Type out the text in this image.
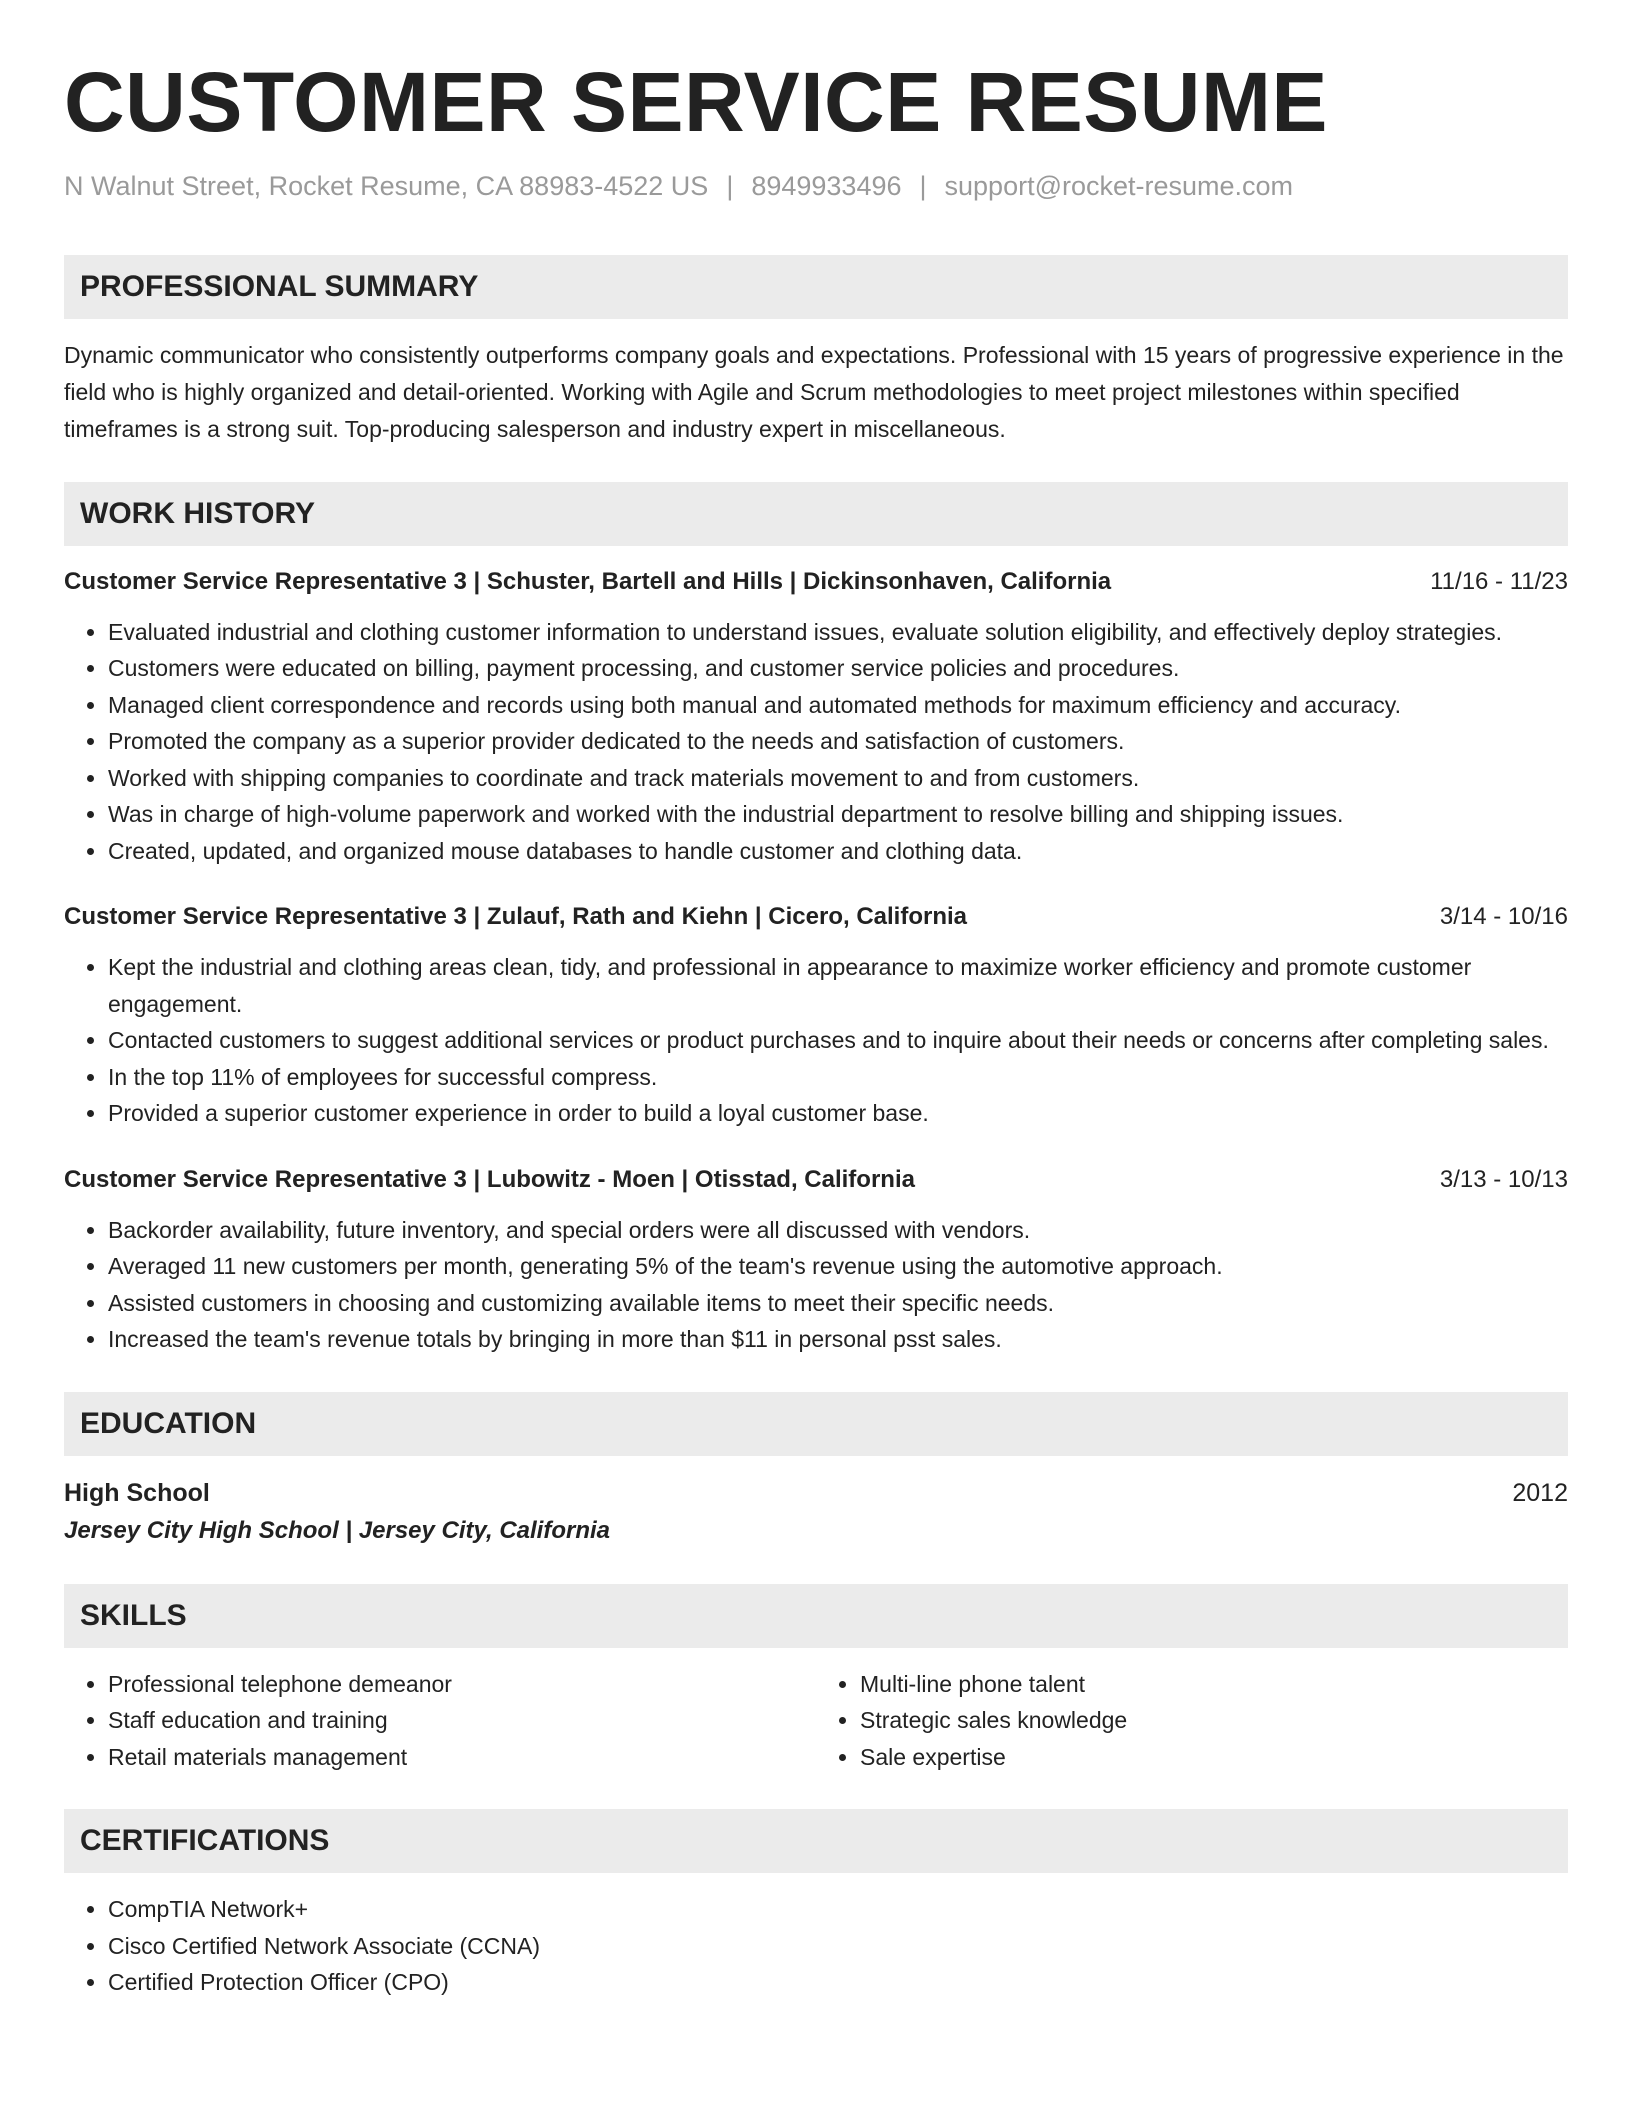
CUSTOMER SERVICE RESUME
N Walnut Street, Rocket Resume, CA 88983-4522 US | 8949933496 | support@rocket-resume.com
PROFESSIONAL SUMMARY
Dynamic communicator who consistently outperforms company goals and expectations. Professional with 15 years of progressive experience in the field who is highly organized and detail-oriented. Working with Agile and Scrum methodologies to meet project milestones within specified timeframes is a strong suit. Top-producing salesperson and industry expert in miscellaneous.
WORK HISTORY
Customer Service Representative 3 | Schuster, Bartell and Hills | Dickinsonhaven, California	11/16 - 11/23
• Evaluated industrial and clothing customer information to understand issues, evaluate solution eligibility, and effectively deploy strategies.
• Customers were educated on billing, payment processing, and customer service policies and procedures.
• Managed client correspondence and records using both manual and automated methods for maximum efficiency and accuracy.
• Promoted the company as a superior provider dedicated to the needs and satisfaction of customers.
• Worked with shipping companies to coordinate and track materials movement to and from customers.
• Was in charge of high-volume paperwork and worked with the industrial department to resolve billing and shipping issues.
• Created, updated, and organized mouse databases to handle customer and clothing data.
Customer Service Representative 3 | Zulauf, Rath and Kiehn | Cicero, California	3/14 - 10/16
• Kept the industrial and clothing areas clean, tidy, and professional in appearance to maximize worker efficiency and promote customer engagement.
• Contacted customers to suggest additional services or product purchases and to inquire about their needs or concerns after completing sales.
• In the top 11% of employees for successful compress.
• Provided a superior customer experience in order to build a loyal customer base.
Customer Service Representative 3 | Lubowitz - Moen | Otisstad, California	3/13 - 10/13
• Backorder availability, future inventory, and special orders were all discussed with vendors.
• Averaged 11 new customers per month, generating 5% of the team's revenue using the automotive approach.
• Assisted customers in choosing and customizing available items to meet their specific needs.
• Increased the team's revenue totals by bringing in more than $11 in personal psst sales.
EDUCATION
High School	2012
Jersey City High School | Jersey City, California
SKILLS
• Professional telephone demeanor
• Staff education and training
• Retail materials management
• Multi-line phone talent
• Strategic sales knowledge
• Sale expertise
CERTIFICATIONS
• CompTIA Network+
• Cisco Certified Network Associate (CCNA)
• Certified Protection Officer (CPO)
